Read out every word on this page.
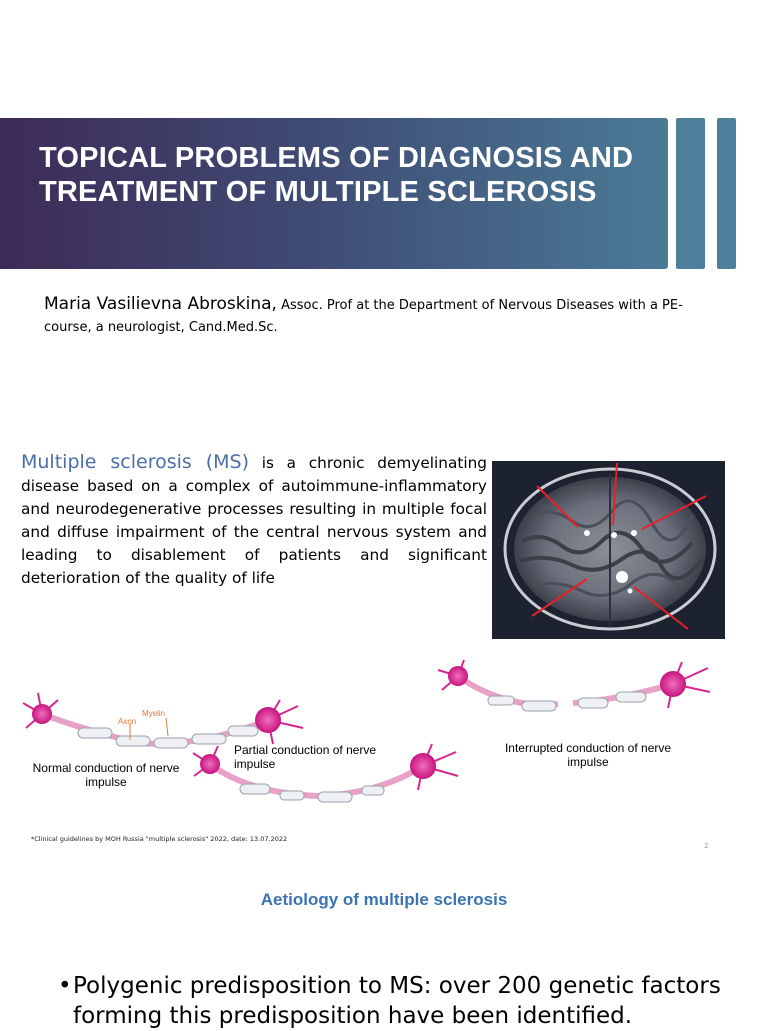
TOPICAL PROBLEMS OF DIAGNOSIS AND TREATMENT OF MULTIPLE SCLEROSIS
Maria Vasilievna Abroskina, Assoc. Prof at the Department of Nervous Diseases with a PE-course, a neurologist, Cand.Med.Sc.
Multiple sclerosis (MS) is a chronic demyelinating disease based on a complex of autoimmune-inflammatory and neurodegenerative processes resulting in multiple focal and diffuse impairment of the central nervous system and leading to disablement of patients and significant deterioration of the quality of life
Myelin
Axon
Normal conduction of nerve impulse
Partial conduction of nerve impulse
Interrupted conduction of nerve impulse
*Clinical guidelines by MOH Russia "multiple sclerosis" 2022, date: 13.07.2022
2
Aetiology of multiple sclerosis
• Polygenic predisposition to MS: over 200 genetic factors forming this predisposition have been identified.
